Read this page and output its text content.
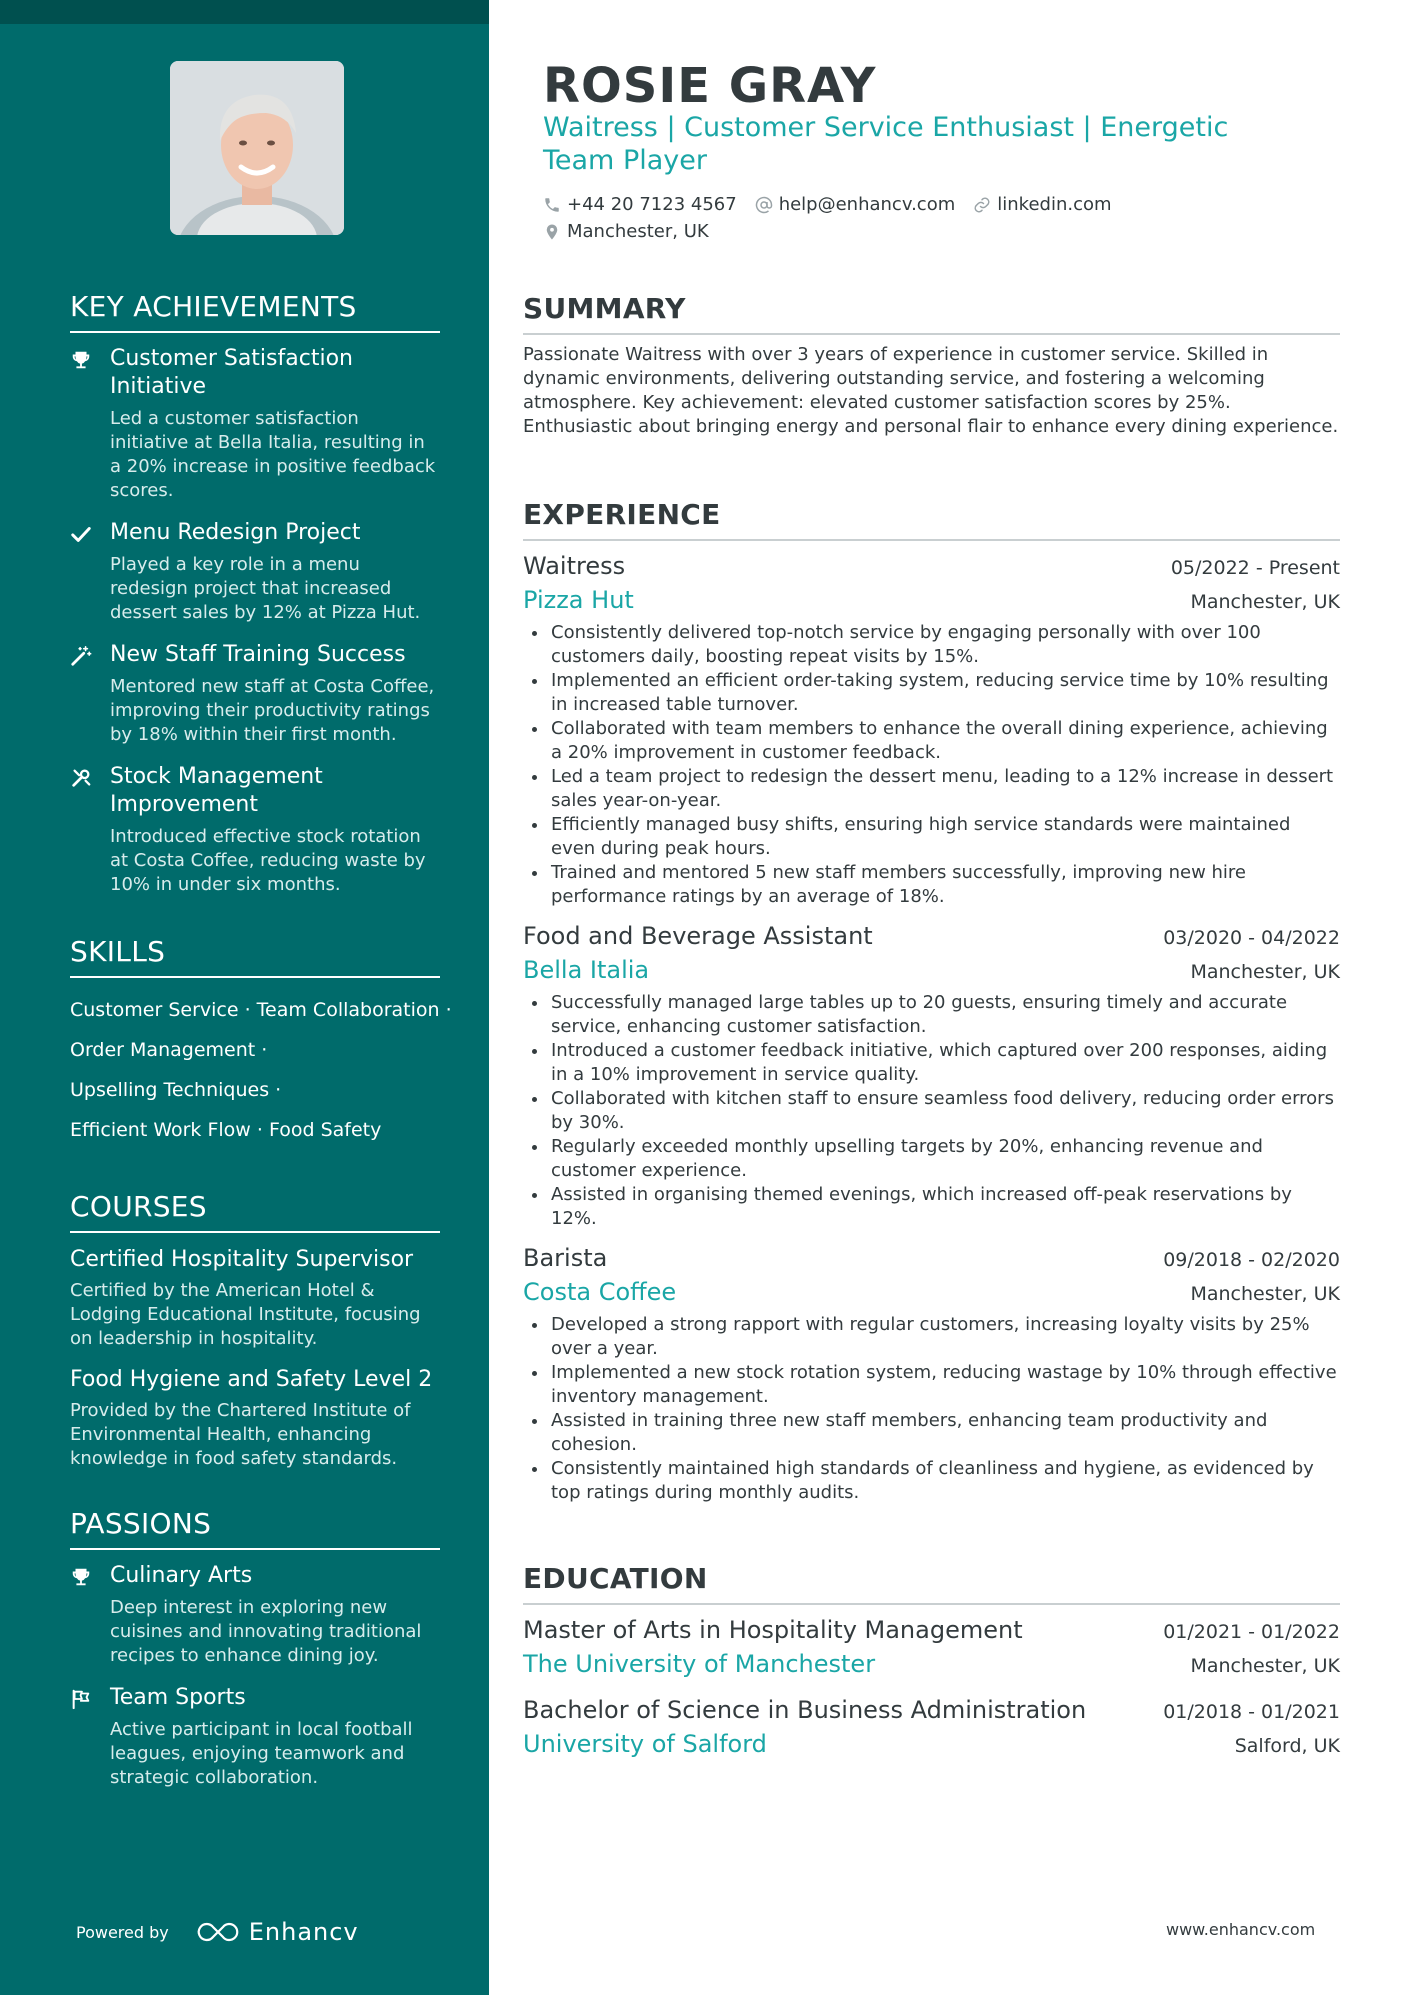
KEY ACHIEVEMENTS
Customer Satisfaction Initiative
Led a customer satisfaction initiative at Bella Italia, resulting in a 20% increase in positive feedback scores.
Menu Redesign Project
Played a key role in a menu redesign project that increased dessert sales by 12% at Pizza Hut.
New Staff Training Success
Mentored new staff at Costa Coffee, improving their productivity ratings by 18% within their first month.
Stock Management Improvement
Introduced effective stock rotation at Costa Coffee, reducing waste by 10% in under six months.
SKILLS
Customer Service · Team Collaboration ·
Order Management ·
Upselling Techniques ·
Efficient Work Flow · Food Safety
COURSES
Certified Hospitality Supervisor
Certified by the American Hotel & Lodging Educational Institute, focusing on leadership in hospitality.
Food Hygiene and Safety Level 2
Provided by the Chartered Institute of Environmental Health, enhancing knowledge in food safety standards.
PASSIONS
Culinary Arts
Deep interest in exploring new cuisines and innovating traditional recipes to enhance dining joy.
Team Sports
Active participant in local football leagues, enjoying teamwork and strategic collaboration.
Powered by	Enhancv
ROSIE GRAY
Waitress | Customer Service Enthusiast | Energetic Team Player
+44 20 7123 4567 help@enhancv.com linkedin.com
Manchester, UK
SUMMARY

Passionate Waitress with over 3 years of experience in customer service. Skilled in dynamic environments, delivering outstanding service, and fostering a welcoming atmosphere. Key achievement: elevated customer satisfaction scores by 25%. Enthusiastic about bringing energy and personal flair to enhance every dining experience.

EXPERIENCE
Waitress	05/2022 - Present
Pizza Hut	Manchester, UK
Consistently delivered top-notch service by engaging personally with over 100 customers daily, boosting repeat visits by 15%.
Implemented an efficient order-taking system, reducing service time by 10% resulting in increased table turnover.
Collaborated with team members to enhance the overall dining experience, achieving a 20% improvement in customer feedback.
Led a team project to redesign the dessert menu, leading to a 12% increase in dessert sales year-on-year.
Efficiently managed busy shifts, ensuring high service standards were maintained even during peak hours.
Trained and mentored 5 new staff members successfully, improving new hire performance ratings by an average of 18%.
Food and Beverage Assistant	03/2020 - 04/2022
Bella Italia	Manchester, UK
Successfully managed large tables up to 20 guests, ensuring timely and accurate service, enhancing customer satisfaction.
Introduced a customer feedback initiative, which captured over 200 responses, aiding in a 10% improvement in service quality.
Collaborated with kitchen staff to ensure seamless food delivery, reducing order errors by 30%.
Regularly exceeded monthly upselling targets by 20%, enhancing revenue and customer experience.
Assisted in organising themed evenings, which increased off-peak reservations by 12%.
Barista	09/2018 - 02/2020
Costa Coffee	Manchester, UK
Developed a strong rapport with regular customers, increasing loyalty visits by 25% over a year.
Implemented a new stock rotation system, reducing wastage by 10% through effective inventory management.
Assisted in training three new staff members, enhancing team productivity and cohesion.
Consistently maintained high standards of cleanliness and hygiene, as evidenced by top ratings during monthly audits.
EDUCATION
Master of Arts in Hospitality Management	01/2021 - 01/2022
The University of Manchester	Manchester, UK
Bachelor of Science in Business Administration	01/2018 - 01/2021
University of Salford	Salford, UK
www.enhancv.com
